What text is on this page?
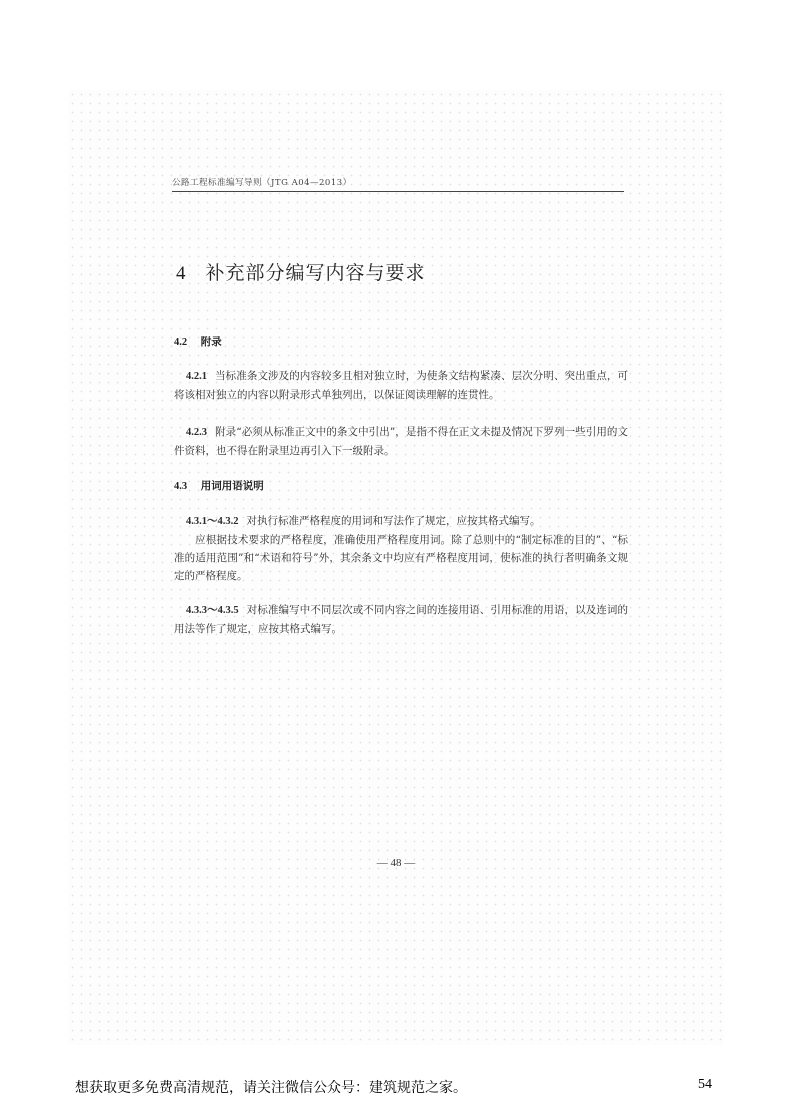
公路工程标准编写导则（JTG A04—2013）
4 补充部分编写内容与要求
4.2 附录
4.2.1 当标准条文涉及的内容较多且相对独立时，为使条文结构紧凑、层次分明、突出重点，可将该相对独立的内容以附录形式单独列出，以保证阅读理解的连贯性。
4.2.3 附录“必须从标准正文中的条文中引出”，是指不得在正文未提及情况下罗列一些引用的文件资料，也不得在附录里边再引入下一级附录。
4.3 用词用语说明
4.3.1～4.3.2 对执行标准严格程度的用词和写法作了规定，应按其格式编写。
应根据技术要求的严格程度，准确使用严格程度用词。除了总则中的“制定标准的目的”、“标准的适用范围”和“术语和符号”外，其余条文中均应有严格程度用词，使标准的执行者明确条文规定的严格程度。
4.3.3～4.3.5 对标准编写中不同层次或不同内容之间的连接用语、引用标准的用语，以及连词的用法等作了规定，应按其格式编写。
— 48 —
想获取更多免费高清规范，请关注微信公众号：建筑规范之家。	54
